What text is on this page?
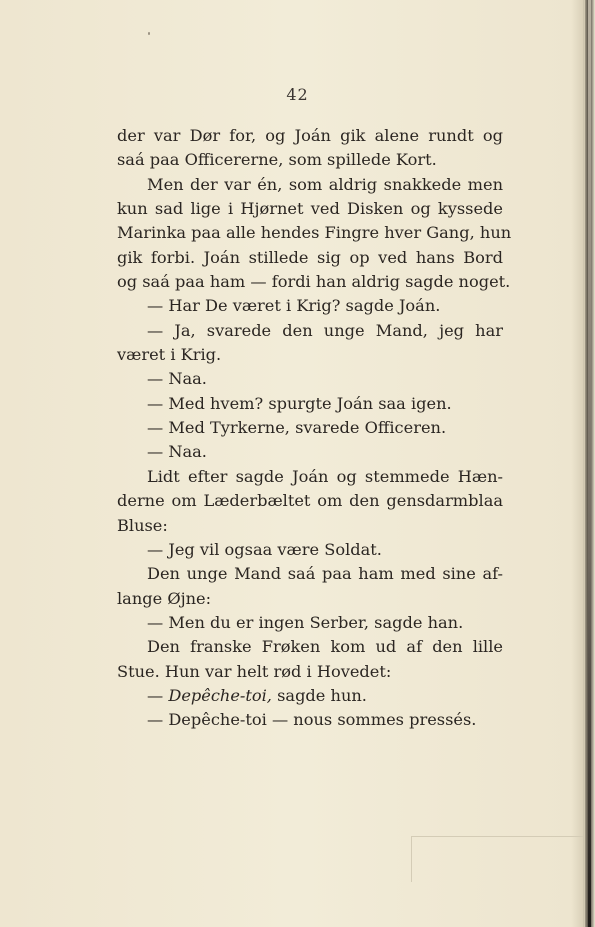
42
der var Dør for, og Joán gik alene rundt og
saá paa Officererne, som spillede Kort.
Men der var én, som aldrig snakkede men
kun sad lige i Hjørnet ved Disken og kyssede
Marinka paa alle hendes Fingre hver Gang, hun
gik forbi. Joán stillede sig op ved hans Bord
og saá paa ham — fordi han aldrig sagde noget.
— Har De været i Krig? sagde Joán.
— Ja, svarede den unge Mand, jeg har
været i Krig.
— Naa.
— Med hvem? spurgte Joán saa igen.
— Med Tyrkerne, svarede Officeren.
— Naa.
Lidt efter sagde Joán og stemmede Hæn-
derne om Læderbæltet om den gensdarmblaa
Bluse:
— Jeg vil ogsaa være Soldat.
Den unge Mand saá paa ham med sine af-
lange Øjne:
— Men du er ingen Serber, sagde han.
Den franske Frøken kom ud af den lille
Stue. Hun var helt rød i Hovedet:
— Depêche-toi, sagde hun.
— Depêche-toi — nous sommes pressés.
